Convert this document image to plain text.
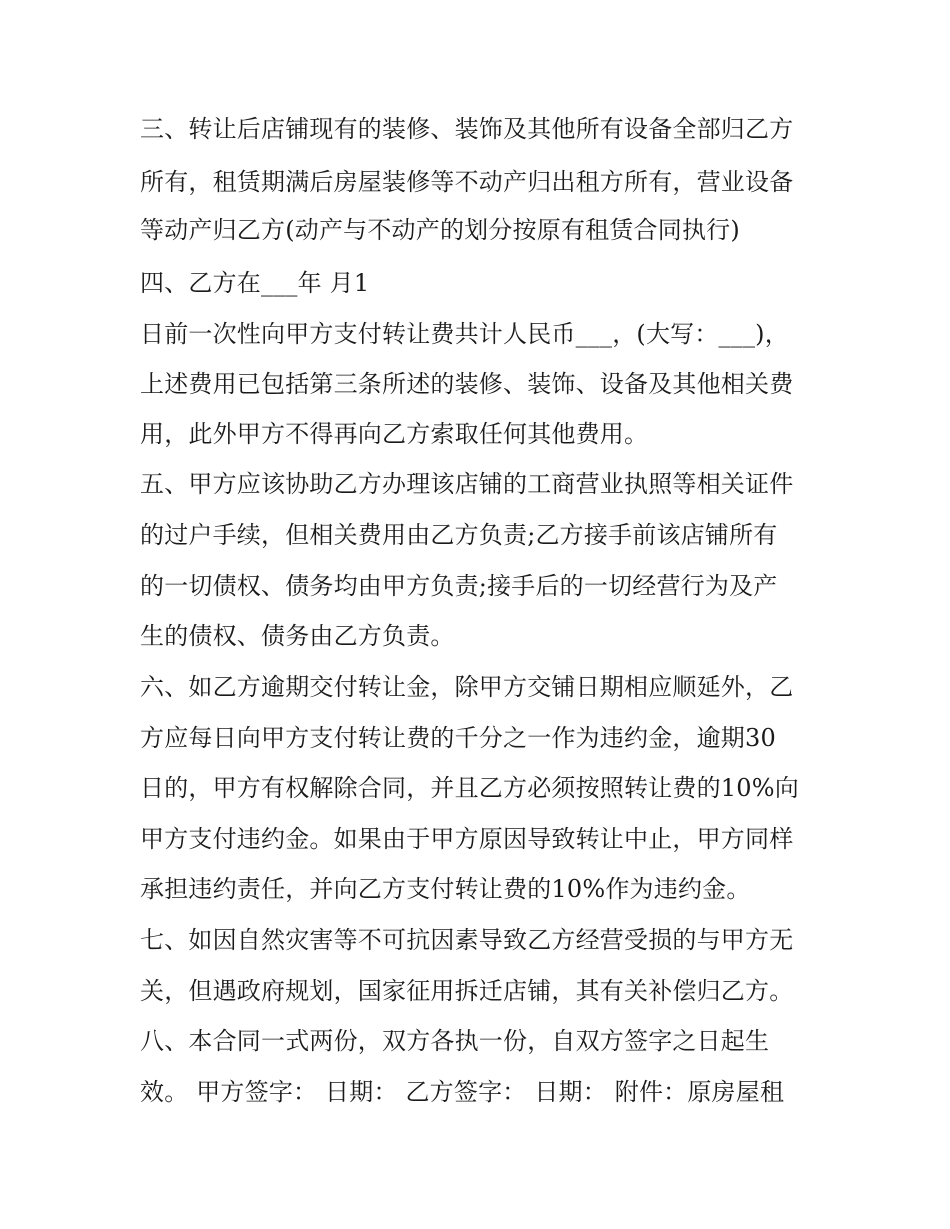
三、转让后店铺现有的装修、装饰及其他所有设备全部归乙方
所有，租赁期满后房屋装修等不动产归出租方所有，营业设备
等动产归乙方(动产与不动产的划分按原有租赁合同执行)
四、乙方在___年 月1
日前一次性向甲方支付转让费共计人民币___，(大写：___)，
上述费用已包括第三条所述的装修、装饰、设备及其他相关费
用，此外甲方不得再向乙方索取任何其他费用。
五、甲方应该协助乙方办理该店铺的工商营业执照等相关证件
的过户手续，但相关费用由乙方负责;乙方接手前该店铺所有
的一切债权、债务均由甲方负责;接手后的一切经营行为及产
生的债权、债务由乙方负责。
六、如乙方逾期交付转让金，除甲方交铺日期相应顺延外，乙
方应每日向甲方支付转让费的千分之一作为违约金，逾期30
日的，甲方有权解除合同，并且乙方必须按照转让费的10%向
甲方支付违约金。如果由于甲方原因导致转让中止，甲方同样
承担违约责任，并向乙方支付转让费的10%作为违约金。
七、如因自然灾害等不可抗因素导致乙方经营受损的与甲方无
关，但遇政府规划，国家征用拆迁店铺，其有关补偿归乙方。
八、本合同一式两份，双方各执一份，自双方签字之日起生
效。 甲方签字： 日期： 乙方签字： 日期： 附件：原房屋租
